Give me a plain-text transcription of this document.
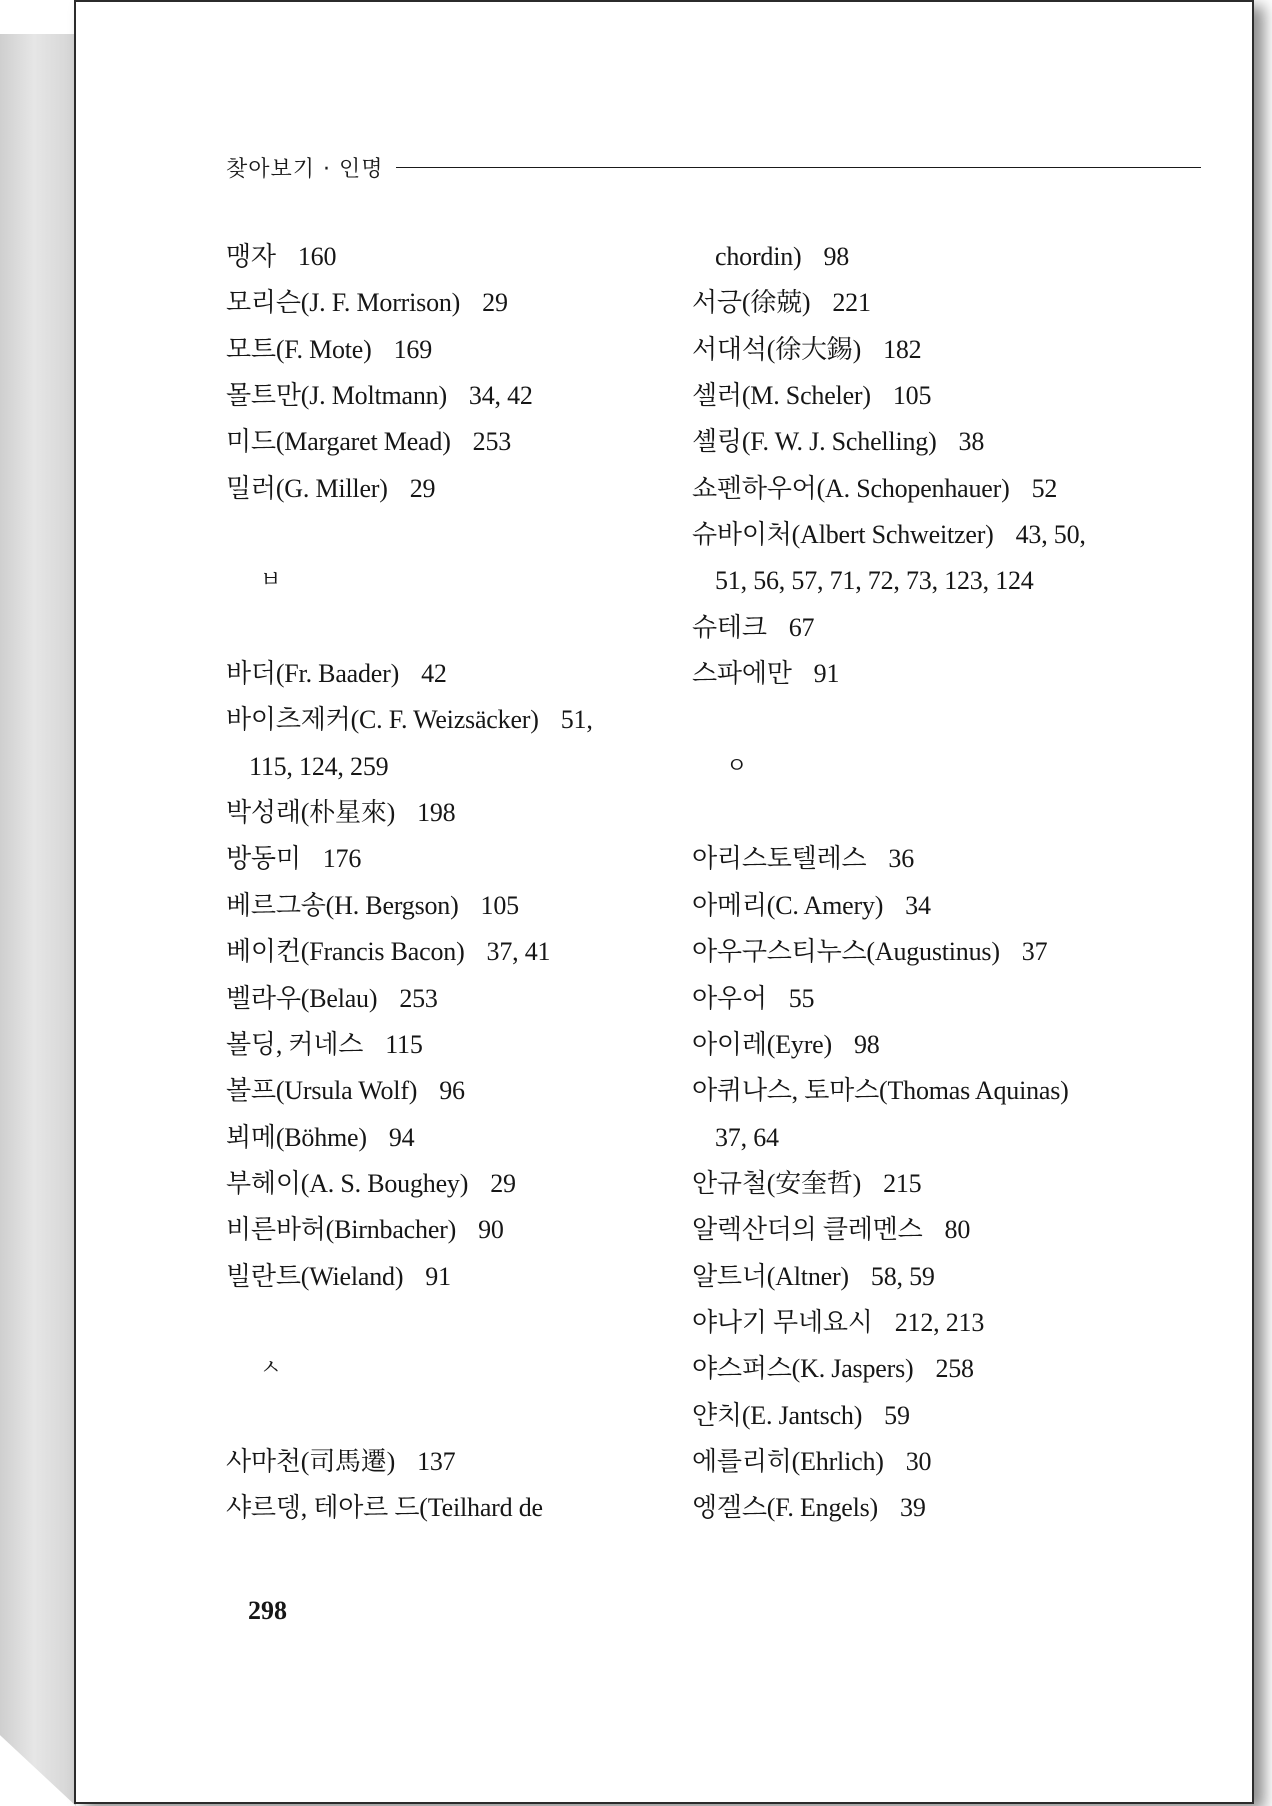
찾아보기 · 인명
맹자 160
모리슨(J. F. Morrison) 29
모트(F. Mote) 169
몰트만(J. Moltmann) 34, 42
미드(Margaret Mead) 253
밀러(G. Miller) 29
ㅂ
바더(Fr. Baader) 42
바이츠제커(C. F. Weizsäcker) 51,
115, 124, 259
박성래(朴星來) 198
방동미 176
베르그송(H. Bergson) 105
베이컨(Francis Bacon) 37, 41
벨라우(Belau) 253
볼딩, 커네스 115
볼프(Ursula Wolf) 96
뵈메(Böhme) 94
부헤이(A. S. Boughey) 29
비른바허(Birnbacher) 90
빌란트(Wieland) 91
ㅅ
사마천(司馬遷) 137
샤르뎅, 테아르 드(Teilhard de
chordin) 98
서긍(徐兢) 221
서대석(徐大錫) 182
셀러(M. Scheler) 105
셸링(F. W. J. Schelling) 38
쇼펜하우어(A. Schopenhauer) 52
슈바이처(Albert Schweitzer) 43, 50,
51, 56, 57, 71, 72, 73, 123, 124
슈테크 67
스파에만 91
ㅇ
아리스토텔레스 36
아메리(C. Amery) 34
아우구스티누스(Augustinus) 37
아우어 55
아이레(Eyre) 98
아퀴나스, 토마스(Thomas Aquinas)
37, 64
안규철(安奎哲) 215
알렉산더의 클레멘스 80
알트너(Altner) 58, 59
야나기 무네요시 212, 213
야스퍼스(K. Jaspers) 258
얀치(E. Jantsch) 59
에를리히(Ehrlich) 30
엥겔스(F. Engels) 39
298
